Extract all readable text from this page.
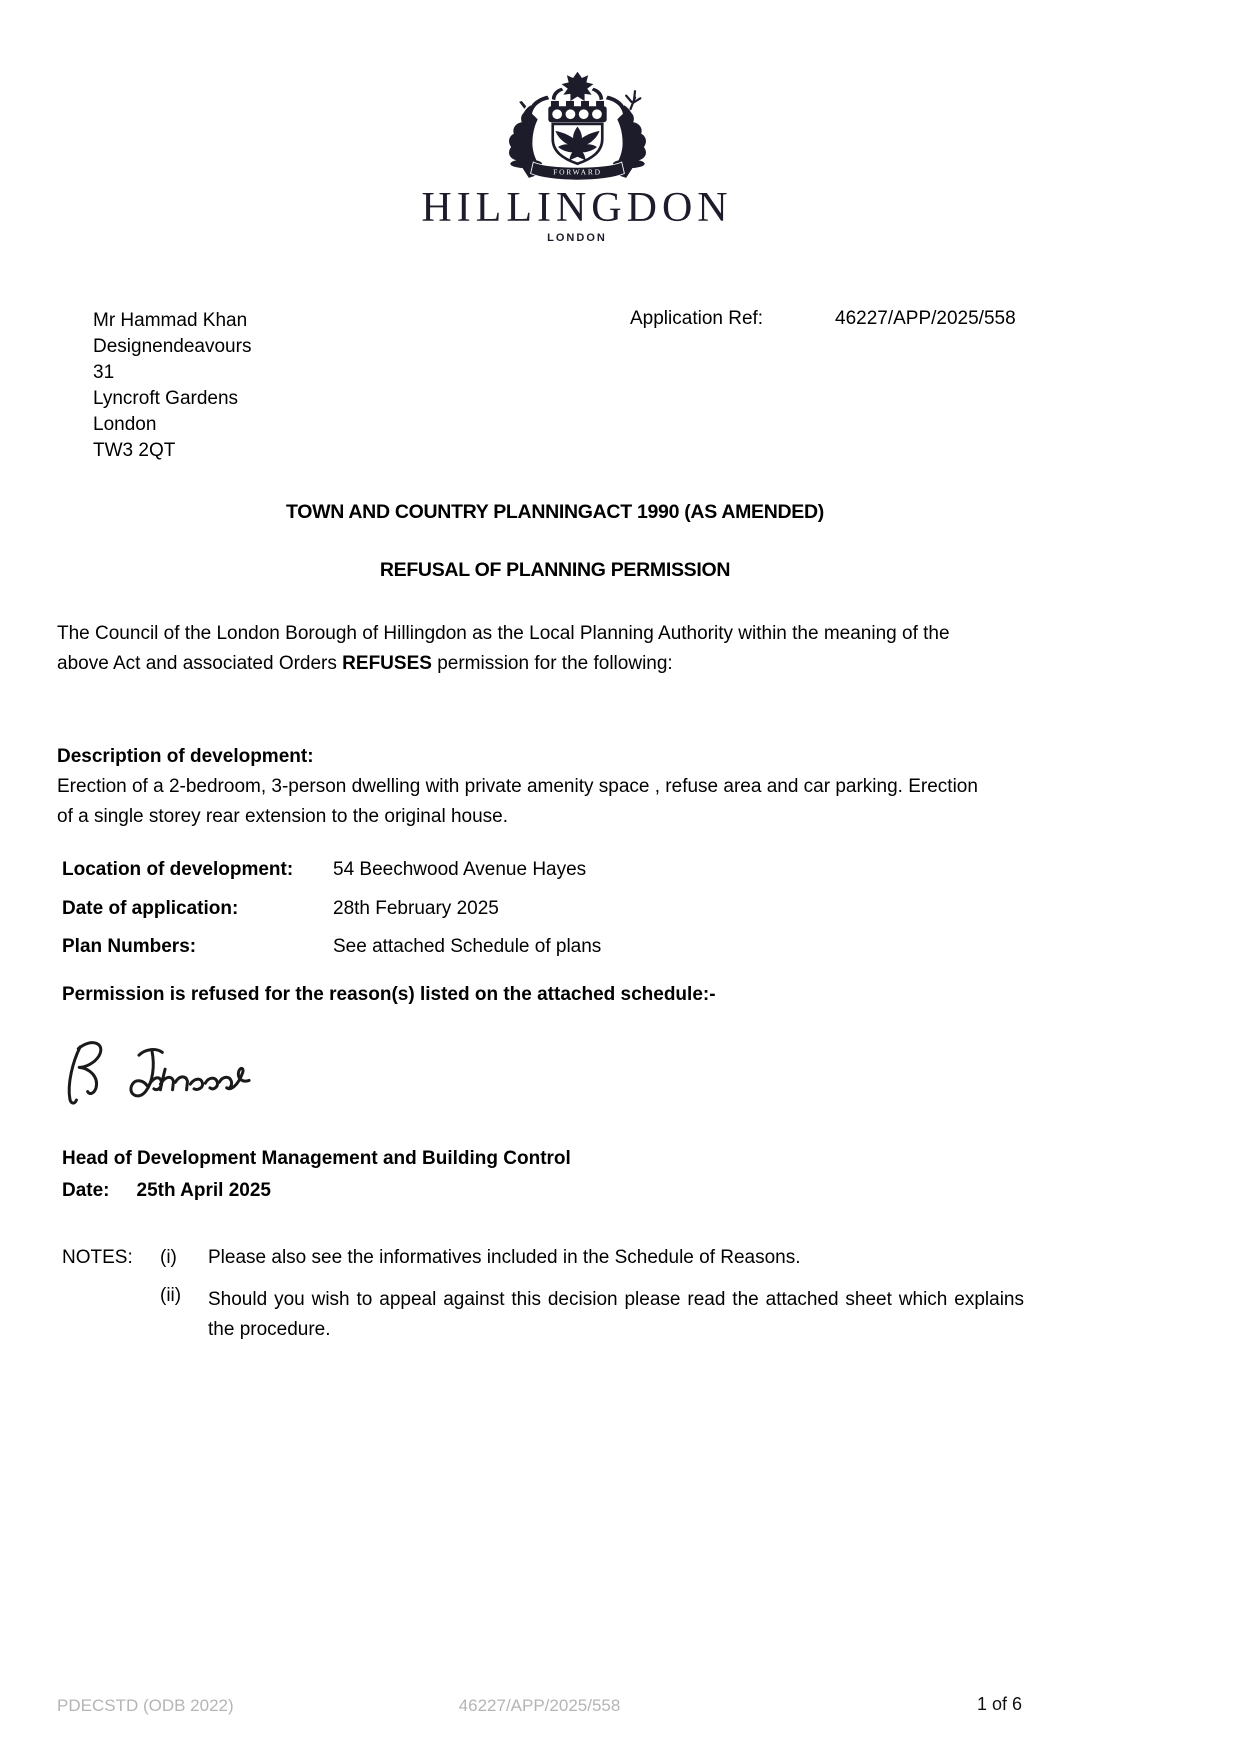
FORWARD
HILLINGDON
LONDON
Mr Hammad Khan
Designendeavours
31
Lyncroft Gardens
London
TW3 2QT
Application Ref:	46227/APP/2025/558
TOWN AND COUNTRY PLANNINGACT 1990 (AS AMENDED)
REFUSAL OF PLANNING PERMISSION
The Council of the London Borough of Hillingdon as the Local Planning Authority within the meaning of the
above Act and associated Orders REFUSES permission for the following:
Description of development:
Erection of a 2-bedroom, 3-person dwelling with private amenity space , refuse area and car parking. Erection
of a single storey rear extension to the original house.
Location of development: 54 Beechwood Avenue Hayes
Date of application:	28th February 2025
Plan Numbers:	See attached Schedule of plans
Permission is refused for the reason(s) listed on the attached schedule:-
Head of Development Management and Building Control
Date: 25th April 2025
NOTES: (i) Please also see the informatives included in the Schedule of Reasons.
(ii) Should you wish to appeal against this decision please read the attached sheet which explains the procedure.
46227/APP/2025/558
PDECSTD (ODB 2022)	1 of 6
